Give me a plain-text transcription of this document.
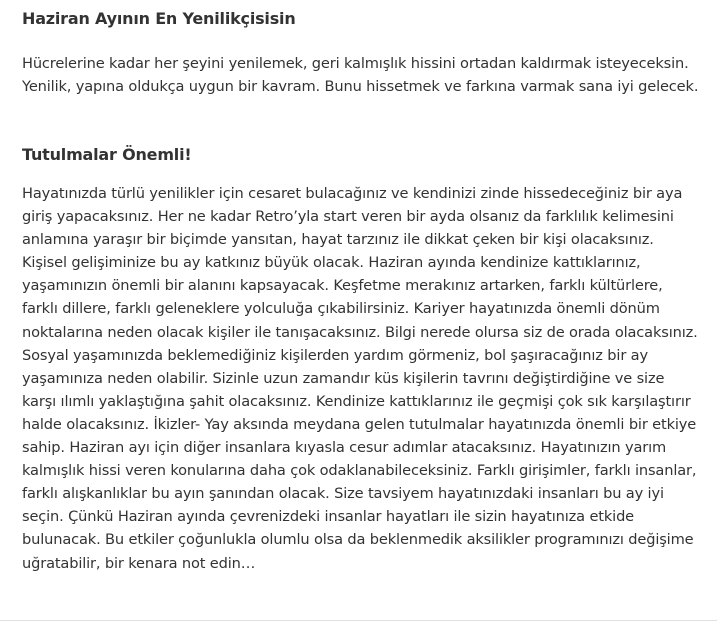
Haziran Ayının En Yenilikçisisin

Hücrelerine kadar her şeyini yenilemek, geri kalmışlık hissini ortadan kaldırmak isteyeceksin. Yenilik, yapına oldukça uygun bir kavram. Bunu hissetmek ve farkına varmak sana iyi gelecek.

Tutulmalar Önemli!

Hayatınızda türlü yenilikler için cesaret bulacağınız ve kendinizi zinde hissedeceğiniz bir aya giriş yapacaksınız. Her ne kadar Retro’yla start veren bir ayda olsanız da farklılık kelimesini anlamına yaraşır bir biçimde yansıtan, hayat tarzınız ile dikkat çeken bir kişi olacaksınız. Kişisel gelişiminize bu ay katkınız büyük olacak. Haziran ayında kendinize kattıklarınız, yaşamınızın önemli bir alanını kapsayacak. Keşfetme merakınız artarken, farklı kültürlere, farklı dillere, farklı geleneklere yolculuğa çıkabilirsiniz. Kariyer hayatınızda önemli dönüm noktalarına neden olacak kişiler ile tanışacaksınız. Bilgi nerede olursa siz de orada olacaksınız. Sosyal yaşamınızda beklemediğiniz kişilerden yardım görmeniz, bol şaşıracağınız bir ay yaşamınıza neden olabilir. Sizinle uzun zamandır küs kişilerin tavrını değiştirdiğine ve size karşı ılımlı yaklaştığına şahit olacaksınız. Kendinize kattıklarınız ile geçmişi çok sık karşılaştırır halde olacaksınız. İkizler- Yay aksında meydana gelen tutulmalar hayatınızda önemli bir etkiye sahip. Haziran ayı için diğer insanlara kıyasla cesur adımlar atacaksınız. Hayatınızın yarım kalmışlık hissi veren konularına daha çok odaklanabileceksiniz. Farklı girişimler, farklı insanlar, farklı alışkanlıklar bu ayın şanından olacak. Size tavsiyem hayatınızdaki insanları bu ay iyi seçin. Çünkü Haziran ayında çevrenizdeki insanlar hayatları ile sizin hayatınıza etkide bulunacak. Bu etkiler çoğunlukla olumlu olsa da beklenmedik aksilikler programınızı değişime uğratabilir, bir kenara not edin…
